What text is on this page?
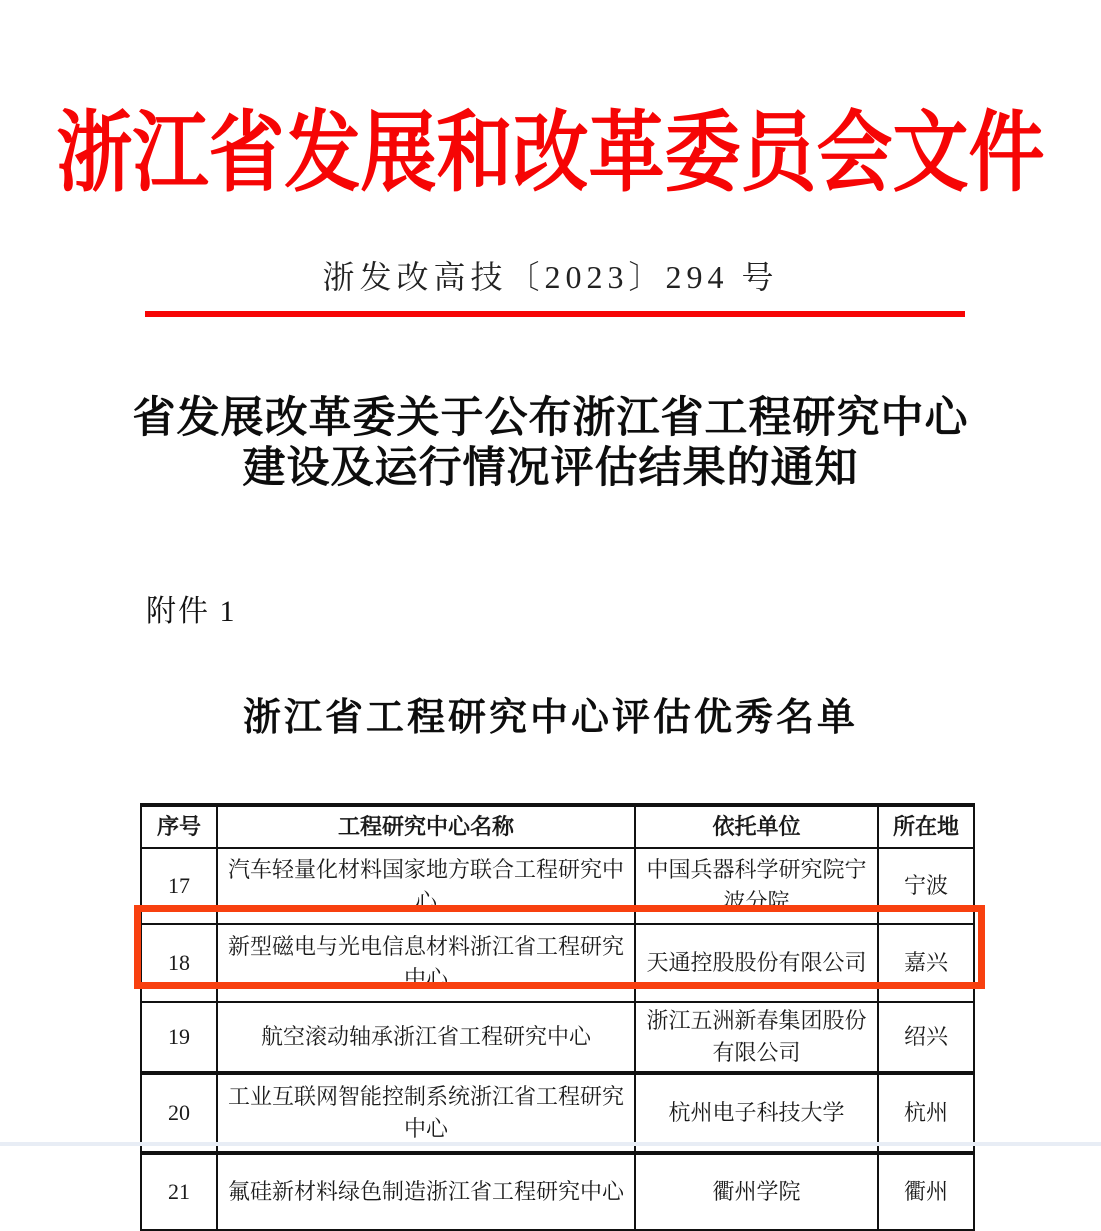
浙江省发展和改革委员会文件
浙发改高技〔2023〕294 号
省发展改革委关于公布浙江省工程研究中心
建设及运行情况评估结果的通知
附件 1
浙江省工程研究中心评估优秀名单
序号	工程研究中心名称	依托单位	所在地
17	汽车轻量化材料国家地方联合工程研究中心	中国兵器科学研究院宁波分院	宁波
18	新型磁电与光电信息材料浙江省工程研究中心	天通控股股份有限公司	嘉兴
19	航空滚动轴承浙江省工程研究中心	浙江五洲新春集团股份有限公司	绍兴
20	工业互联网智能控制系统浙江省工程研究中心	杭州电子科技大学	杭州
21	氟硅新材料绿色制造浙江省工程研究中心	衢州学院	衢州
